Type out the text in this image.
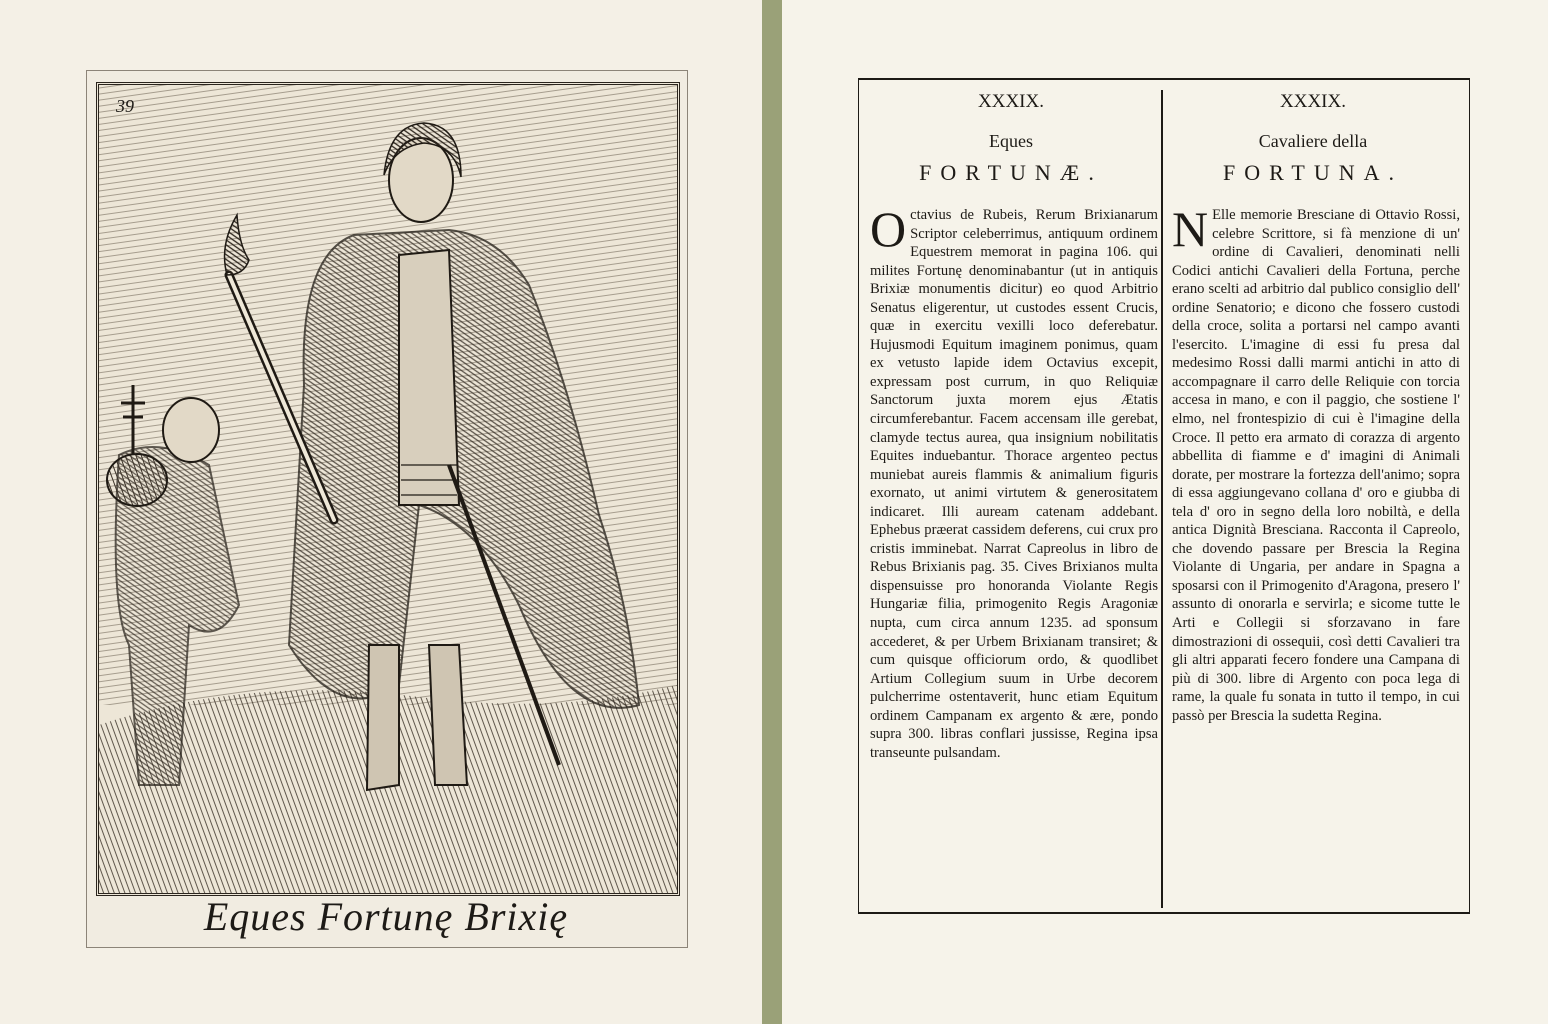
39
Eques Fortunę Brixię
XXXIX.
Eques
FORTUNÆ.
XXXIX.
Cavaliere della
FORTUNA.
Octavius de Rubeis, Rerum Brixianarum Scriptor celeberrimus, antiquum ordinem Equestrem memorat in pagina 106. qui milites Fortunę denominabantur (ut in antiquis Brixiæ monumentis dicitur) eo quod Arbitrio Senatus eligerentur, ut custodes essent Crucis, quæ in exercitu vexilli loco deferebatur. Hujusmodi Equitum imaginem ponimus, quam ex vetusto lapide idem Octavius excepit, expressam post currum, in quo Reliquiæ Sanctorum juxta morem ejus Ætatis circumferebantur. Facem accensam ille gerebat, clamyde tectus aurea, qua insignium nobilitatis Equites induebantur. Thorace argenteo pectus muniebat aureis flammis & animalium figuris exornato, ut animi virtutem & generositatem indicaret. Illi auream catenam addebant. Ephebus præerat cassidem deferens, cui crux pro cristis imminebat. Narrat Capreolus in libro de Rebus Brixianis pag. 35. Cives Brixianos multa dispensuisse pro honoranda Violante Regis Hungariæ filia, primogenito Regis Aragoniæ nupta, cum circa annum 1235. ad sponsum accederet, & per Urbem Brixianam transiret; & cum quisque officiorum ordo, & quodlibet Artium Collegium suum in Urbe decorem pulcherrime ostentaverit, hunc etiam Equitum ordinem Campanam ex argento & ære, pondo supra 300. libras conflari jussisse, Regina ipsa transeunte pulsandam.
N Elle memorie Bresciane di Ottavio Rossi, celebre Scrittore, si fà menzione di un' ordine di Cavalieri, denominati nelli Codici antichi Cavalieri della Fortuna, perche erano scelti ad arbitrio dal publico consiglio dell' ordine Senatorio; e dicono che fossero custodi della croce, solita a portarsi nel campo avanti l'esercito. L'imagine di essi fu presa dal medesimo Rossi dalli marmi antichi in atto di accompagnare il carro delle Reliquie con torcia accesa in mano, e con il paggio, che sostiene l' elmo, nel frontespizio di cui è l'imagine della Croce. Il petto era armato di corazza di argento abbellita di fiamme e d' imagini di Animali dorate, per mostrare la fortezza dell'animo; sopra di essa aggiungevano collana d' oro e giubba di tela d' oro in segno della loro nobiltà, e della antica Dignità Bresciana. Racconta il Capreolo, che dovendo passare per Brescia la Regina Violante di Ungaria, per andare in Spagna a sposarsi con il Primogenito d'Aragona, presero l' assunto di onorarla e servirla; e sicome tutte le Arti e Collegii si sforzavano in fare dimostrazioni di ossequii, così detti Cavalieri tra gli altri apparati fecero fondere una Campana di più di 300. libre di Argento con poca lega di rame, la quale fu sonata in tutto il tempo, in cui passò per Brescia la sudetta Regina.
